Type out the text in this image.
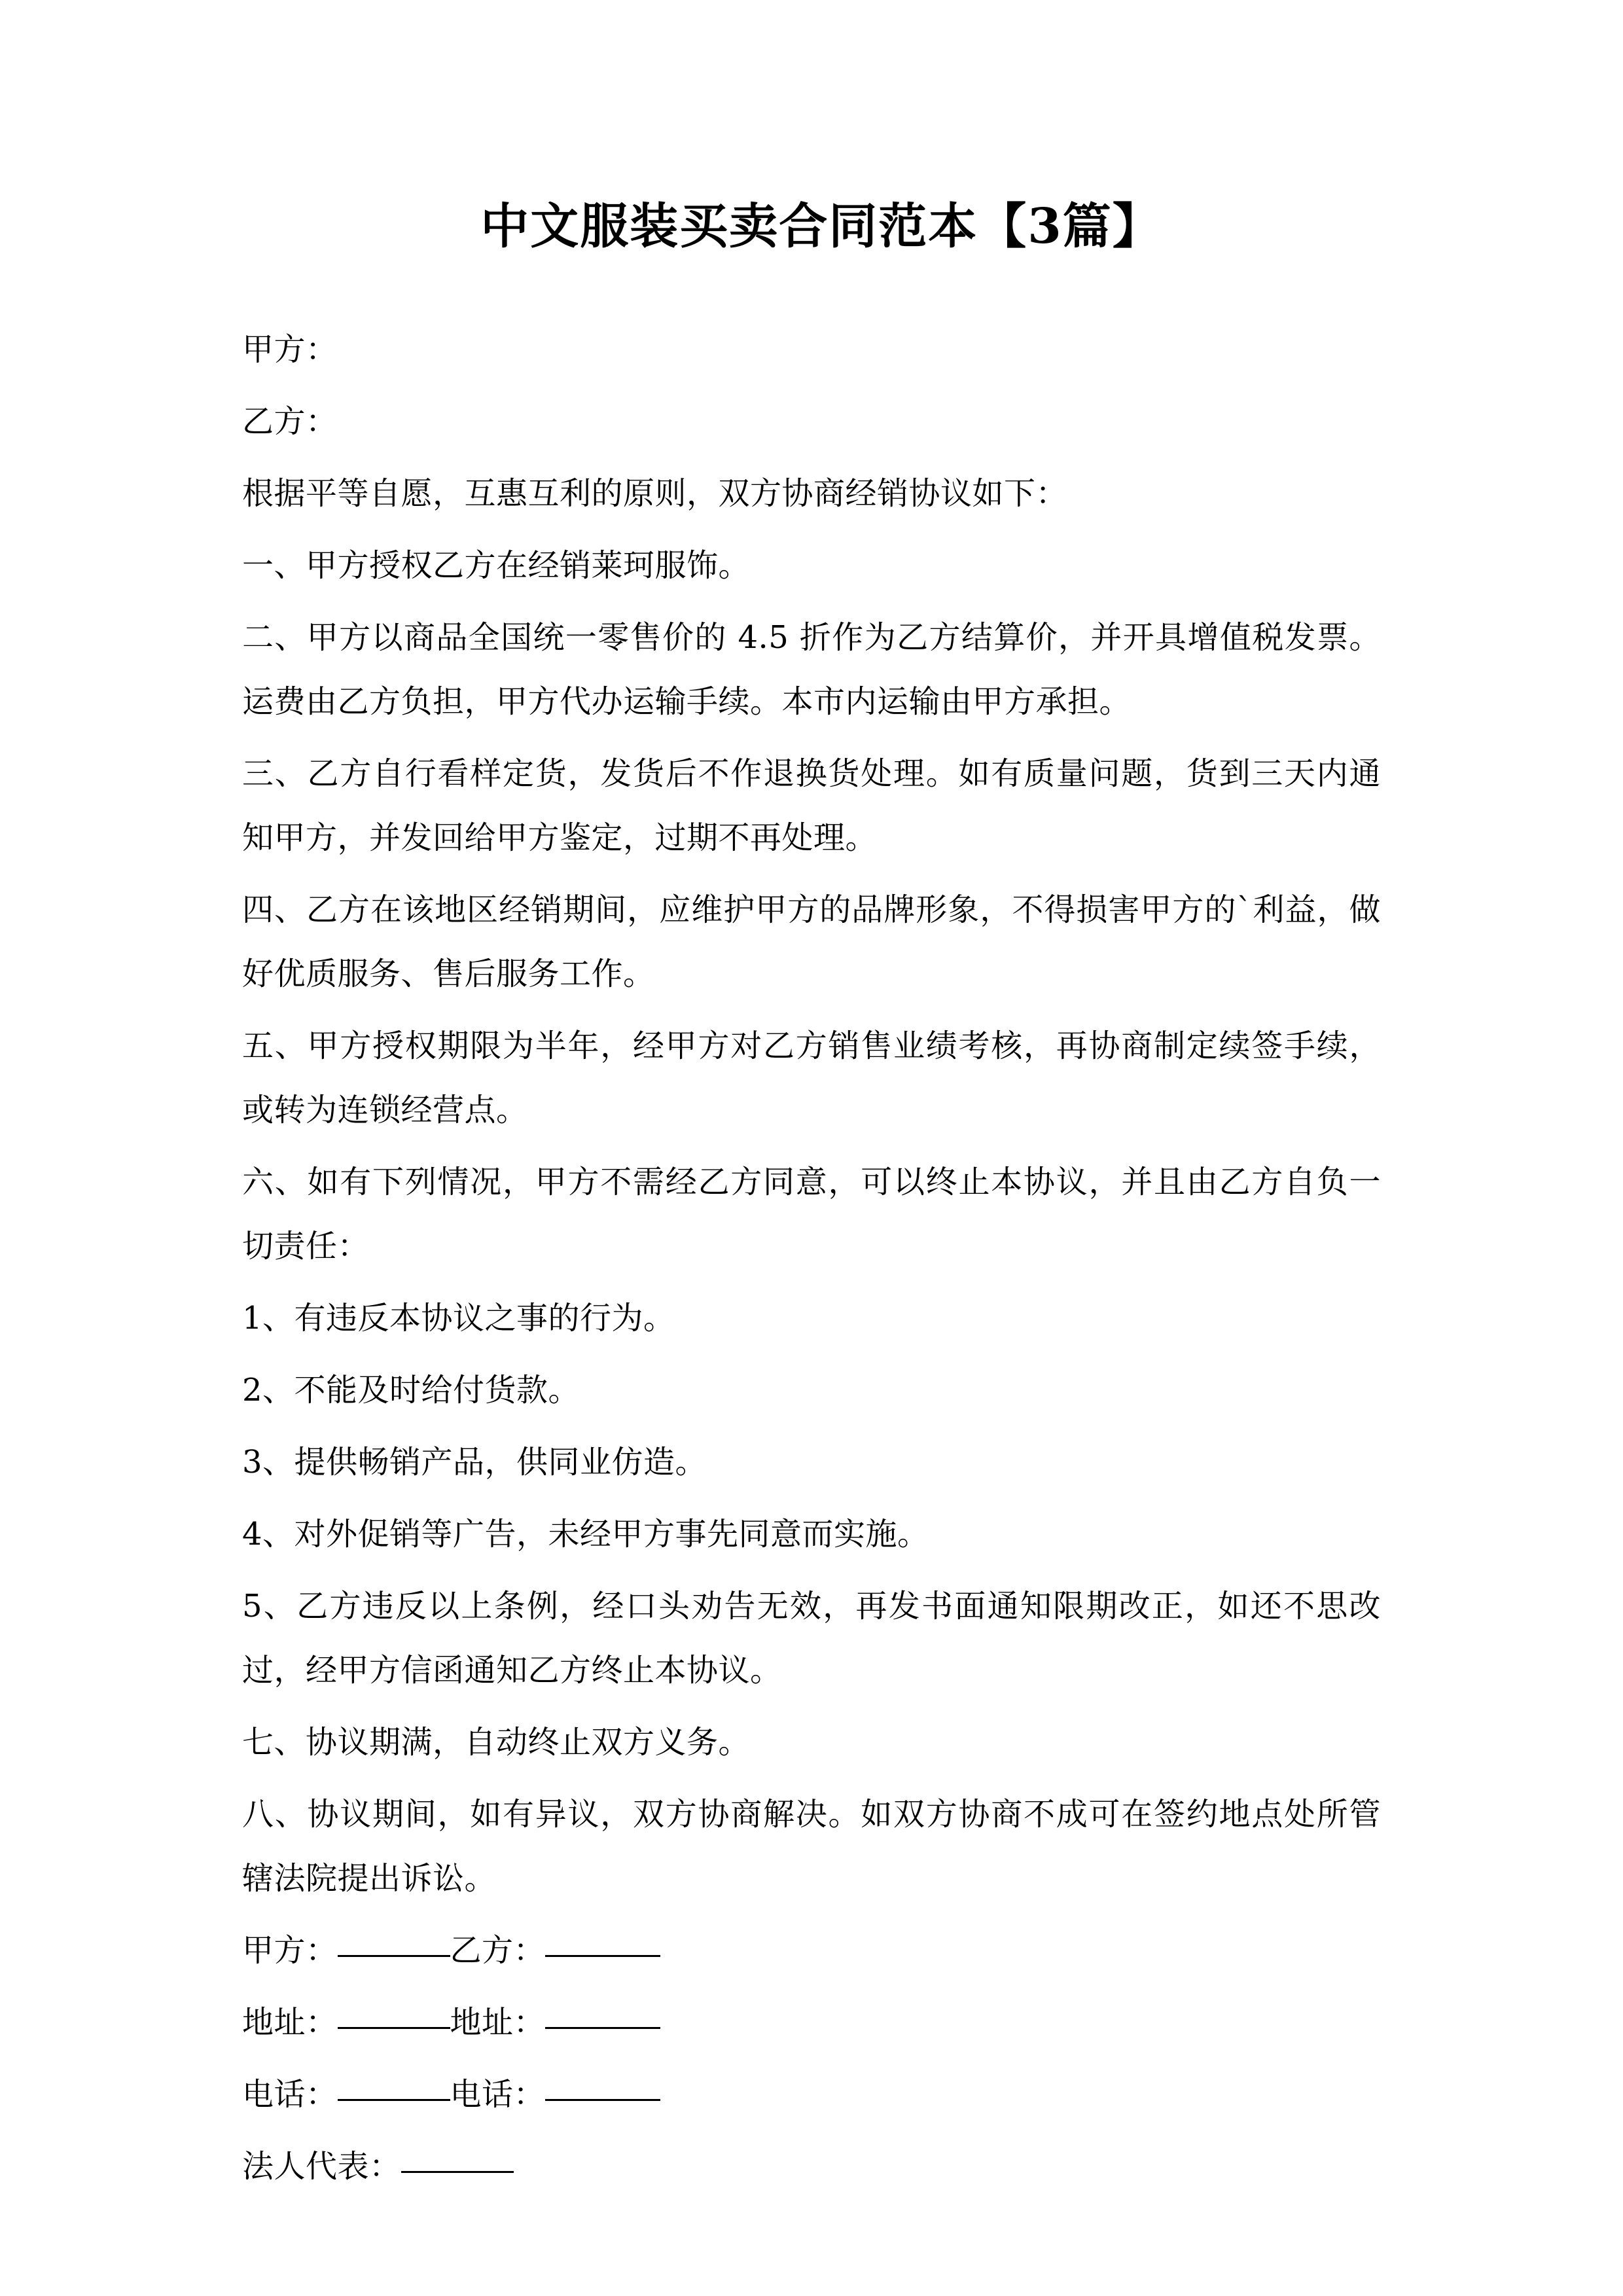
中文服装买卖合同范本【3篇】

甲方：

乙方：

根据平等自愿，互惠互利的原则，双方协商经销协议如下：

一、甲方授权乙方在经销莱珂服饰。

二、甲方以商品全国统一零售价的 4.5 折作为乙方结算价，并开具增值税发票。运费由乙方负担，甲方代办运输手续。本市内运输由甲方承担。

三、乙方自行看样定货，发货后不作退换货处理。如有质量问题，货到三天内通知甲方，并发回给甲方鉴定，过期不再处理。

四、乙方在该地区经销期间，应维护甲方的品牌形象，不得损害甲方的`利益，做好优质服务、售后服务工作。

五、甲方授权期限为半年，经甲方对乙方销售业绩考核，再协商制定续签手续，或转为连锁经营点。

六、如有下列情况，甲方不需经乙方同意，可以终止本协议，并且由乙方自负一切责任：

1、有违反本协议之事的行为。

2、不能及时给付货款。

3、提供畅销产品，供同业仿造。

4、对外促销等广告，未经甲方事先同意而实施。

5、乙方违反以上条例，经口头劝告无效，再发书面通知限期改正，如还不思改过，经甲方信函通知乙方终止本协议。

七、协议期满，自动终止双方义务。

八、协议期间，如有异议，双方协商解决。如双方协商不成可在签约地点处所管辖法院提出诉讼。

甲方：	乙方：
地址：	地址：
电话：	电话：
法人代表：
